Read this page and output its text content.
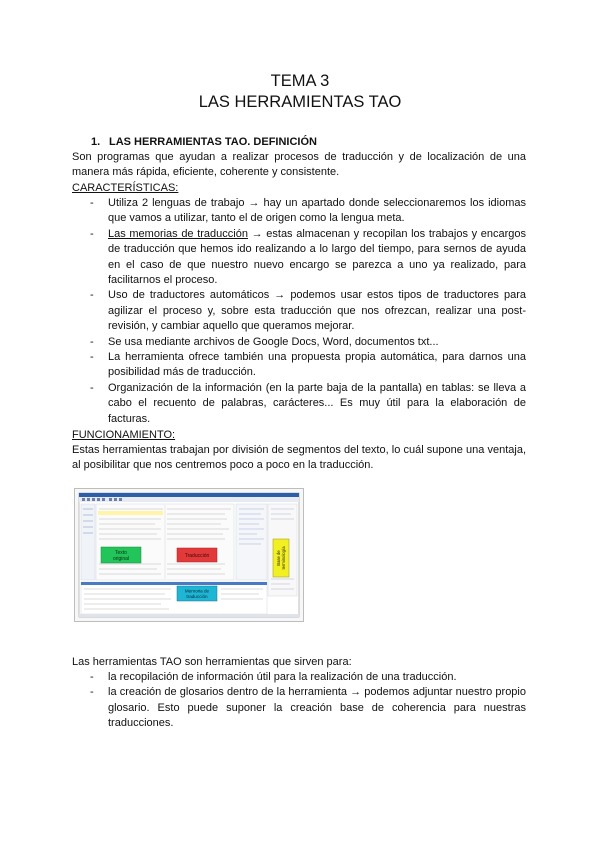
TEMA 3
LAS HERRAMIENTAS TAO
1. LAS HERRAMIENTAS TAO. DEFINICIÓN
Son programas que ayudan a realizar procesos de traducción y de localización de una manera más rápida, eficiente, coherente y consistente.
CARACTERÍSTICAS:
- Utiliza 2 lenguas de trabajo → hay un apartado donde seleccionaremos los idiomas que vamos a utilizar, tanto el de origen como la lengua meta.
- Las memorias de traducción → estas almacenan y recopilan los trabajos y encargos de traducción que hemos ido realizando a lo largo del tiempo, para sernos de ayuda en el caso de que nuestro nuevo encargo se parezca a uno ya realizado, para facilitarnos el proceso.
- Uso de traductores automáticos → podemos usar estos tipos de traductores para agilizar el proceso y, sobre esta traducción que nos ofrezcan, realizar una post-revisión, y cambiar aquello que queramos mejorar.
- Se usa mediante archivos de Google Docs, Word, documentos txt...
- La herramienta ofrece también una propuesta propia automática, para darnos una posibilidad más de traducción.
- Organización de la información (en la parte baja de la pantalla) en tablas: se lleva a cabo el recuento de palabras, carácteres... Es muy útil para la elaboración de facturas.
FUNCIONAMIENTO:
Estas herramientas trabajan por división de segmentos del texto, lo cuál supone una ventaja, al posibilitar que nos centremos poco a poco en la traducción.
Texto
original	Traducción	Base de terminología
Memoria de
traducción
Las herramientas TAO son herramientas que sirven para:
- la recopilación de información útil para la realización de una traducción.
- la creación de glosarios dentro de la herramienta → podemos adjuntar nuestro propio glosario. Esto puede suponer la creación base de coherencia para nuestras traducciones.
